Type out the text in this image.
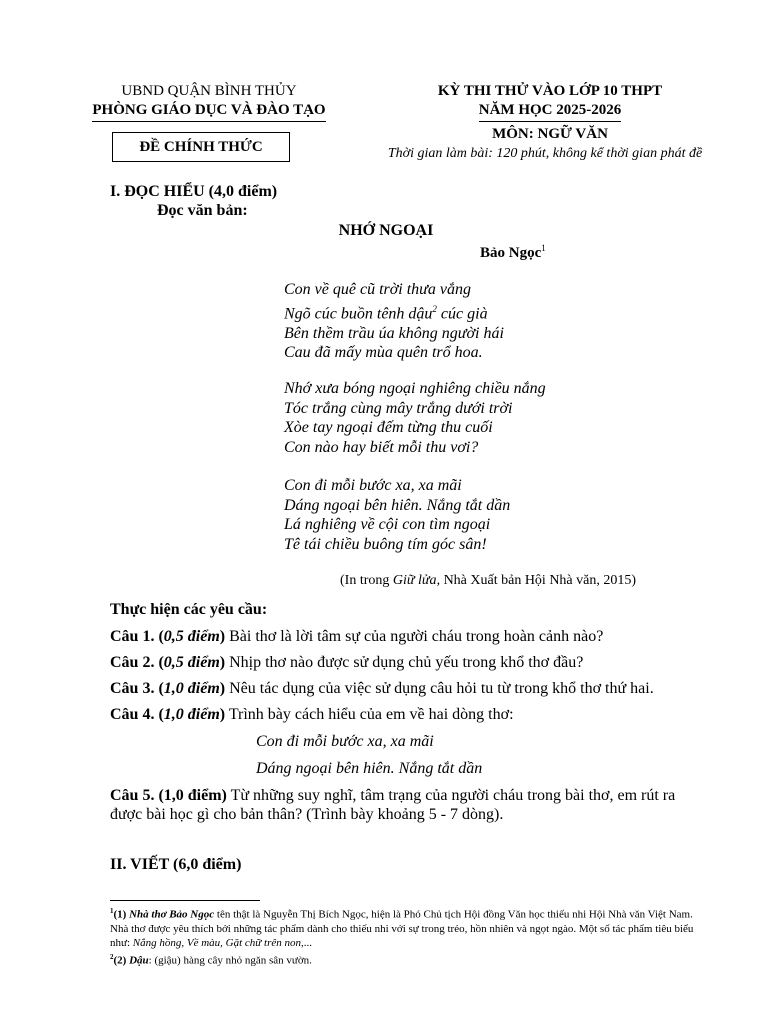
UBND QUẬN BÌNH THỦY
PHÒNG GIÁO DỤC VÀ ĐÀO TẠO
ĐỀ CHÍNH THỨC
KỲ THI THỬ VÀO LỚP 10 THPT
NĂM HỌC 2025-2026
MÔN: NGỮ VĂN
Thời gian làm bài: 120 phút, không kể thời gian phát đề
I. ĐỌC HIỂU (4,0 điểm)
Đọc văn bản:
NHỚ NGOẠI
Bảo Ngọc$^1$
Con về quê cũ trời thưa vắng
Ngõ cúc buồn tênh dậu$^2$ cúc già
Bên thềm trầu úa không người hái
Cau đã mấy mùa quên trổ hoa.
Nhớ xưa bóng ngoại nghiêng chiều nắng
Tóc trắng cùng mây trắng dưới trời
Xòe tay ngoại đếm từng thu cuối
Con nào hay biết mỗi thu vơi?
Con đi mỗi bước xa, xa mãi
Dáng ngoại bên hiên. Nắng tắt dần
Lá nghiêng về cội con tìm ngoại
Tê tái chiều buông tím góc sân!
(In trong Giữ lửa, Nhà Xuất bản Hội Nhà văn, 2015)

Thực hiện các yêu cầu:

Câu 1. (0,5 điểm) Bài thơ là lời tâm sự của người cháu trong hoàn cảnh nào?

Câu 2. (0,5 điểm) Nhịp thơ nào được sử dụng chủ yếu trong khổ thơ đầu?

Câu 3. (1,0 điểm) Nêu tác dụng của việc sử dụng câu hỏi tu từ trong khổ thơ thứ hai.

Câu 4. (1,0 điểm) Trình bày cách hiểu của em về hai dòng thơ:

Con đi mỗi bước xa, xa mãi

Dáng ngoại bên hiên. Nắng tắt dần

Câu 5. (1,0 điểm) Từ những suy nghĩ, tâm trạng của người cháu trong bài thơ, em rút ra được bài học gì cho bản thân? (Trình bày khoảng 5 - 7 dòng).

II. VIẾT (6,0 điểm)

$^1$(1) Nhà thơ Bảo Ngọc tên thật là Nguyễn Thị Bích Ngọc, hiện là Phó Chủ tịch Hội đồng Văn học thiếu nhi Hội Nhà văn Việt Nam. Nhà thơ được yêu thích bởi những tác phẩm dành cho thiếu nhi với sự trong trẻo, hồn nhiên và ngọt ngào. Một số tác phẩm tiêu biểu như: Nắng hồng, Về màu, Gặt chữ trên non,...

$^2$(2) Dậu: (giậu) hàng cây nhỏ ngăn sân vườn.
